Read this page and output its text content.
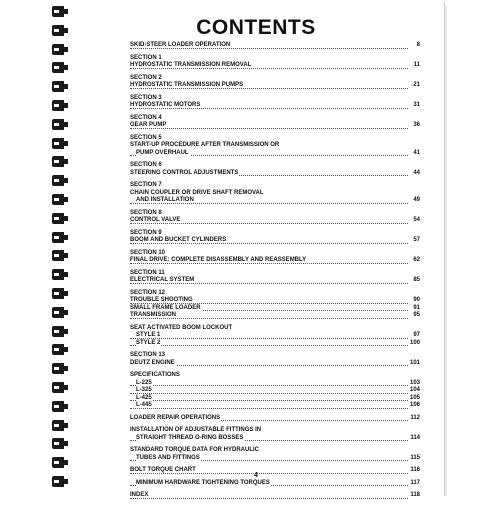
CONTENTS
SKID-STEER LOADER OPERATION	8
SECTION 1
HYDROSTATIC TRANSMISSION REMOVAL	11
SECTION 2
HYDROSTATIC TRANSMISSION PUMPS	21
SECTION 3
HYDROSTATIC MOTORS	31
SECTION 4
GEAR PUMP	36
SECTION 5
START-UP PROCEDURE AFTER TRANSMISSION OR
PUMP OVERHAUL	41
SECTION 6
STEERING CONTROL ADJUSTMENTS	44
SECTION 7
CHAIN COUPLER OR DRIVE SHAFT REMOVAL
AND INSTALLATION	49
SECTION 8
CONTROL VALVE	54
SECTION 9
BOOM AND BUCKET CYLINDERS	57
SECTION 10
FINAL DRIVE: COMPLETE DISASSEMBLY AND REASSEMBLY	62
SECTION 11
ELECTRICAL SYSTEM	85
SECTION 12
TROUBLE SHOOTING	90
SMALL FRAME LOADER	91
TRANSMISSION	95
SEAT ACTIVATED BOOM LOCKOUT
STYLE 1	97
STYLE 2	100
SECTION 13
DEUTZ ENGINE	101
SPECIFICATIONS
L-225	103
L-325	104
L-425	105
L-445	106
LOADER REPAIR OPERATIONS	112
INSTALLATION OF ADJUSTABLE FITTINGS IN
STRAIGHT THREAD O-RING BOSSES	114
STANDARD TORQUE DATA FOR HYDRAULIC
TUBES AND FITTINGS	115
BOLT TORQUE CHART	116
MINIMUM HARDWARE TIGHTENING TORQUES	117
INDEX	118
4
